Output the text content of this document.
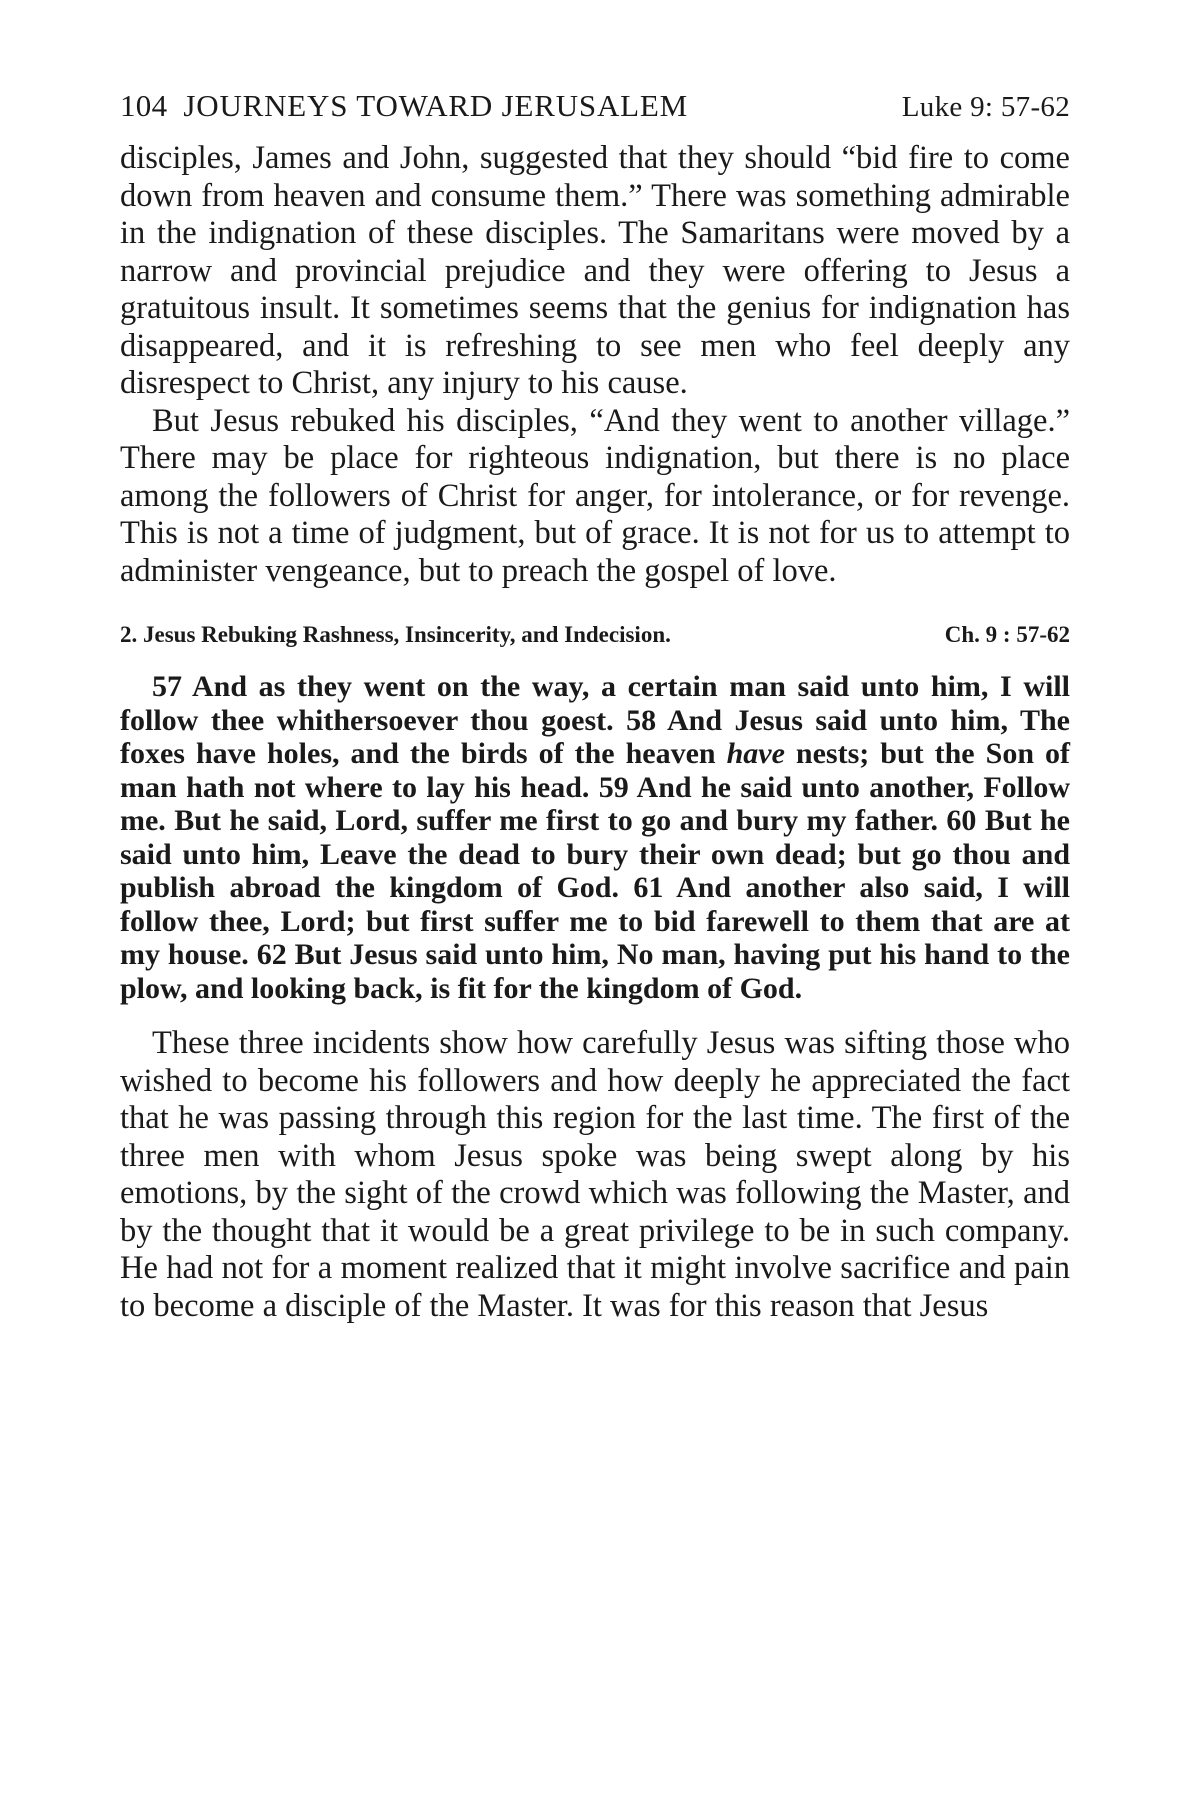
104 JOURNEYS TOWARD JERUSALEM	Luke 9: 57-62

disciples, James and John, suggested that they should “bid fire to come down from heaven and consume them.” There was something admirable in the indignation of these disciples. The Samaritans were moved by a narrow and provincial prejudice and they were offering to Jesus a gratuitous insult. It sometimes seems that the genius for indignation has disappeared, and it is refreshing to see men who feel deeply any disrespect to Christ, any injury to his cause.

But Jesus rebuked his disciples, “And they went to another village.” There may be place for righteous indignation, but there is no place among the followers of Christ for anger, for intolerance, or for revenge. This is not a time of judgment, but of grace. It is not for us to attempt to administer vengeance, but to preach the gospel of love.

2. Jesus Rebuking Rashness, Insincerity, and Indecision.	Ch. 9 : 57-62

57 And as they went on the way, a certain man said unto him, I will follow thee whithersoever thou goest. 58 And Jesus said unto him, The foxes have holes, and the birds of the heaven have nests; but the Son of man hath not where to lay his head. 59 And he said unto another, Follow me. But he said, Lord, suffer me first to go and bury my father. 60 But he said unto him, Leave the dead to bury their own dead; but go thou and publish abroad the kingdom of God. 61 And another also said, I will follow thee, Lord; but first suffer me to bid farewell to them that are at my house. 62 But Jesus said unto him, No man, having put his hand to the plow, and looking back, is fit for the kingdom of God.

These three incidents show how carefully Jesus was sifting those who wished to become his followers and how deeply he appreciated the fact that he was passing through this region for the last time. The first of the three men with whom Jesus spoke was being swept along by his emotions, by the sight of the crowd which was following the Master, and by the thought that it would be a great privilege to be in such company. He had not for a moment realized that it might involve sacrifice and pain to become a disciple of the Master. It was for this reason that Jesus
